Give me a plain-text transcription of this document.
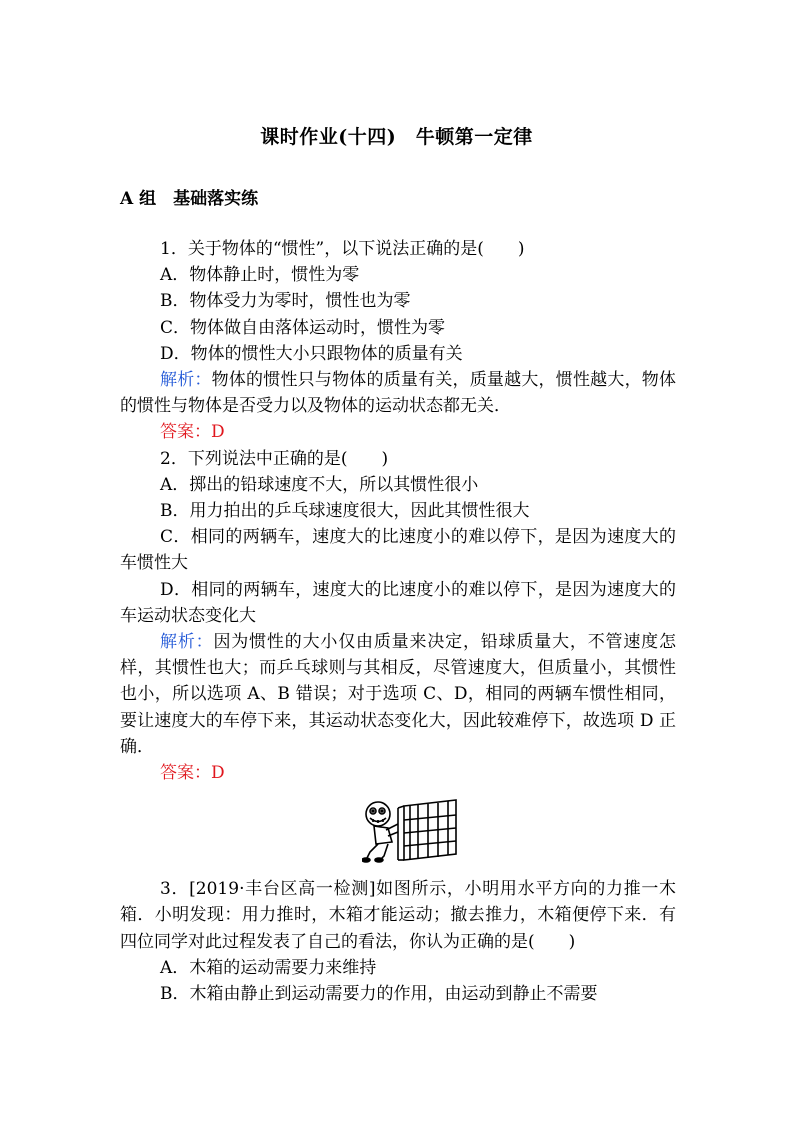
课时作业(十四)　牛顿第一定律
A 组　基础落实练

1．关于物体的“惯性”，以下说法正确的是(　　)

A．物体静止时，惯性为零

B．物体受力为零时，惯性也为零

C．物体做自由落体运动时，惯性为零

D．物体的惯性大小只跟物体的质量有关

解析：物体的惯性只与物体的质量有关，质量越大，惯性越大，物体的惯性与物体是否受力以及物体的运动状态都无关．

答案：D

2．下列说法中正确的是(　　)

A．掷出的铅球速度不大，所以其惯性很小

B．用力拍出的乒乓球速度很大，因此其惯性很大

C．相同的两辆车，速度大的比速度小的难以停下，是因为速度大的车惯性大

D．相同的两辆车，速度大的比速度小的难以停下，是因为速度大的车运动状态变化大

解析：因为惯性的大小仅由质量来决定，铅球质量大，不管速度怎样，其惯性也大；而乒乓球则与其相反，尽管速度大，但质量小，其惯性也小，所以选项 A、B 错误；对于选项 C、D，相同的两辆车惯性相同，要让速度大的车停下来，其运动状态变化大，因此较难停下，故选项 D 正确．

答案：D

3．[2019·丰台区高一检测]如图所示，小明用水平方向的力推一木箱．小明发现：用力推时，木箱才能运动；撤去推力，木箱便停下来．有四位同学对此过程发表了自己的看法，你认为正确的是(　　)

A．木箱的运动需要力来维持

B．木箱由静止到运动需要力的作用，由运动到静止不需要
